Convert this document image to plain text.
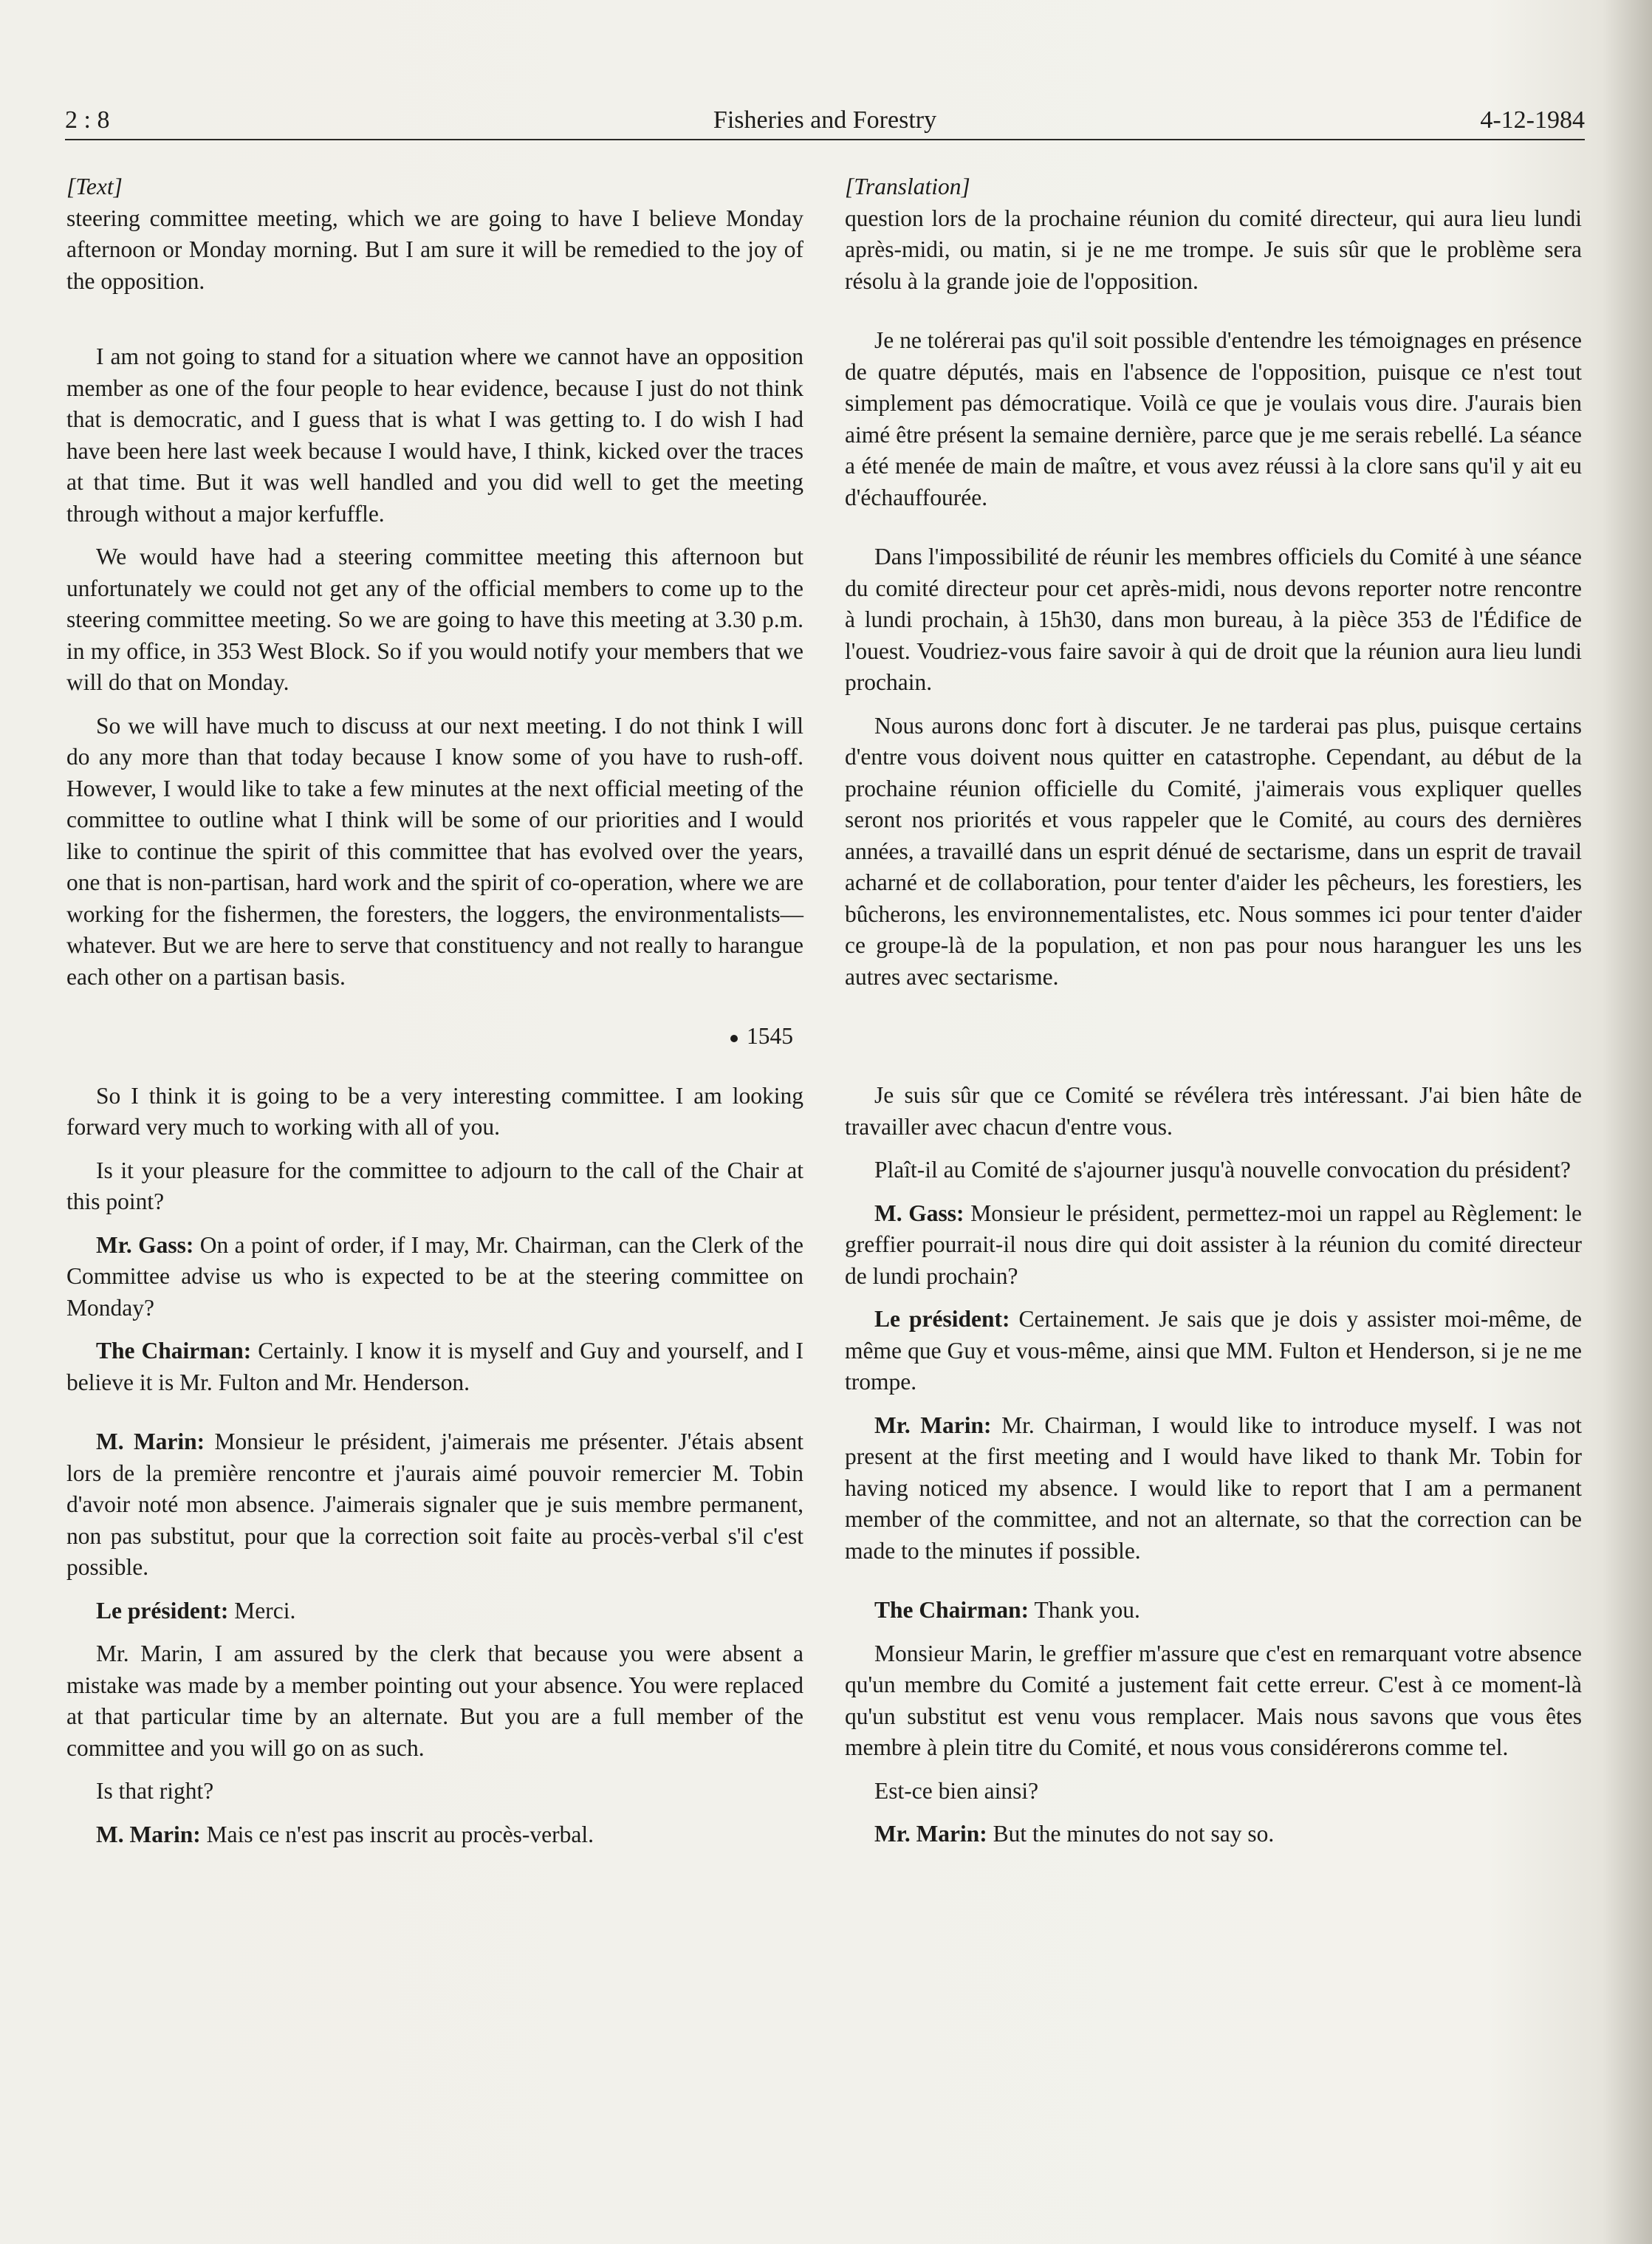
2 : 8	Fisheries and Forestry	4-12-1984

[Text]

steering committee meeting, which we are going to have I believe Monday afternoon or Monday morning. But I am sure it will be remedied to the joy of the opposition.

I am not going to stand for a situation where we cannot have an opposition member as one of the four people to hear evidence, because I just do not think that is democratic, and I guess that is what I was getting to. I do wish I had have been here last week because I would have, I think, kicked over the traces at that time. But it was well handled and you did well to get the meeting through without a major kerfuffle.

We would have had a steering committee meeting this afternoon but unfortunately we could not get any of the official members to come up to the steering committee meeting. So we are going to have this meeting at 3.30 p.m. in my office, in 353 West Block. So if you would notify your members that we will do that on Monday.

So we will have much to discuss at our next meeting. I do not think I will do any more than that today because I know some of you have to rush-off. However, I would like to take a few minutes at the next official meeting of the committee to outline what I think will be some of our priorities and I would like to continue the spirit of this committee that has evolved over the years, one that is non-partisan, hard work and the spirit of co-operation, where we are working for the fishermen, the foresters, the loggers, the environmentalists—whatever. But we are here to serve that constituency and not really to harangue each other on a partisan basis.

1545

So I think it is going to be a very interesting committee. I am looking forward very much to working with all of you.

Is it your pleasure for the committee to adjourn to the call of the Chair at this point?

Mr. Gass: On a point of order, if I may, Mr. Chairman, can the Clerk of the Committee advise us who is expected to be at the steering committee on Monday?

The Chairman: Certainly. I know it is myself and Guy and yourself, and I believe it is Mr. Fulton and Mr. Henderson.

M. Marin: Monsieur le président, j'aimerais me présenter. J'étais absent lors de la première rencontre et j'aurais aimé pouvoir remercier M. Tobin d'avoir noté mon absence. J'aimerais signaler que je suis membre permanent, non pas substitut, pour que la correction soit faite au procès-verbal s'il c'est possible.

Le président: Merci.

Mr. Marin, I am assured by the clerk that because you were absent a mistake was made by a member pointing out your absence. You were replaced at that particular time by an alternate. But you are a full member of the committee and you will go on as such.

Is that right?

M. Marin: Mais ce n'est pas inscrit au procès-verbal.

[Translation]

question lors de la prochaine réunion du comité directeur, qui aura lieu lundi après-midi, ou matin, si je ne me trompe. Je suis sûr que le problème sera résolu à la grande joie de l'opposition.

Je ne tolérerai pas qu'il soit possible d'entendre les témoignages en présence de quatre députés, mais en l'absence de l'opposition, puisque ce n'est tout simplement pas démocratique. Voilà ce que je voulais vous dire. J'aurais bien aimé être présent la semaine dernière, parce que je me serais rebellé. La séance a été menée de main de maître, et vous avez réussi à la clore sans qu'il y ait eu d'échauffourée.

Dans l'impossibilité de réunir les membres officiels du Comité à une séance du comité directeur pour cet après-midi, nous devons reporter notre rencontre à lundi prochain, à 15h30, dans mon bureau, à la pièce 353 de l'Édifice de l'ouest. Voudriez-vous faire savoir à qui de droit que la réunion aura lieu lundi prochain.

Nous aurons donc fort à discuter. Je ne tarderai pas plus, puisque certains d'entre vous doivent nous quitter en catastrophe. Cependant, au début de la prochaine réunion officielle du Comité, j'aimerais vous expliquer quelles seront nos priorités et vous rappeler que le Comité, au cours des dernières années, a travaillé dans un esprit dénué de sectarisme, dans un esprit de travail acharné et de collaboration, pour tenter d'aider les pêcheurs, les forestiers, les bûcherons, les environnementalistes, etc. Nous sommes ici pour tenter d'aider ce groupe-là de la population, et non pas pour nous haranguer les uns les autres avec sectarisme.

Je suis sûr que ce Comité se révélera très intéressant. J'ai bien hâte de travailler avec chacun d'entre vous.

Plaît-il au Comité de s'ajourner jusqu'à nouvelle convocation du président?

M. Gass: Monsieur le président, permettez-moi un rappel au Règlement: le greffier pourrait-il nous dire qui doit assister à la réunion du comité directeur de lundi prochain?

Le président: Certainement. Je sais que je dois y assister moi-même, de même que Guy et vous-même, ainsi que MM. Fulton et Henderson, si je ne me trompe.

Mr. Marin: Mr. Chairman, I would like to introduce myself. I was not present at the first meeting and I would have liked to thank Mr. Tobin for having noticed my absence. I would like to report that I am a permanent member of the committee, and not an alternate, so that the correction can be made to the minutes if possible.

The Chairman: Thank you.

Monsieur Marin, le greffier m'assure que c'est en remarquant votre absence qu'un membre du Comité a justement fait cette erreur. C'est à ce moment-là qu'un substitut est venu vous remplacer. Mais nous savons que vous êtes membre à plein titre du Comité, et nous vous considérerons comme tel.

Est-ce bien ainsi?

Mr. Marin: But the minutes do not say so.
